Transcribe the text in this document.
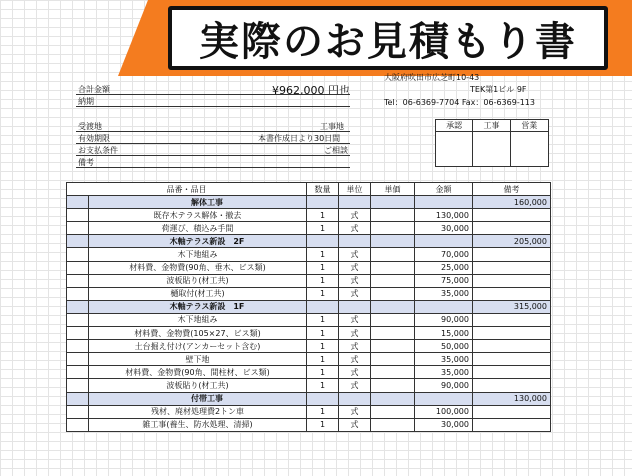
実際のお見積もり書
大阪府吹田市広芝町10-43
TEK第1ビル 9F
Tel：06-6369-7704 Fax：06-6369-113
合計金額	¥962,000 円也
納期
受渡地	工事地
有効期限	本書作成日より30日間
お支払条件	ご相談
備考
承認	工事	営業
品番・品目		数量	単位	単価	金額	備考
	解体工事					160,000
	既存木テラス解体・撤去	1	式		130,000	
	荷運び、積込み手間	1	式		30,000	
	木軸テラス新設　2F					205,000
	木下地組み	1	式		70,000	
	材料費、金物費(90角、垂木、ビス類)	1	式		25,000	
	波板貼り(材工共)	1	式		75,000	
	樋取付(材工共)	1	式		35,000	
	木軸テラス新設　1F					315,000
	木下地組み	1	式		90,000	
	材料費、金物費(105×27、ビス類)	1	式		15,000	
	土台掘え付け(アンカーセット含む)	1	式		50,000	
	壁下地	1	式		35,000	
	材料費、金物費(90角、間柱材、ビス類)	1	式		35,000	
	波板貼り(材工共)	1	式		90,000	
	付帯工事					130,000
	残材、廃材処理費2トン車	1	式		100,000	
	雑工事(養生、防水処理、清掃)	1	式		30,000	
